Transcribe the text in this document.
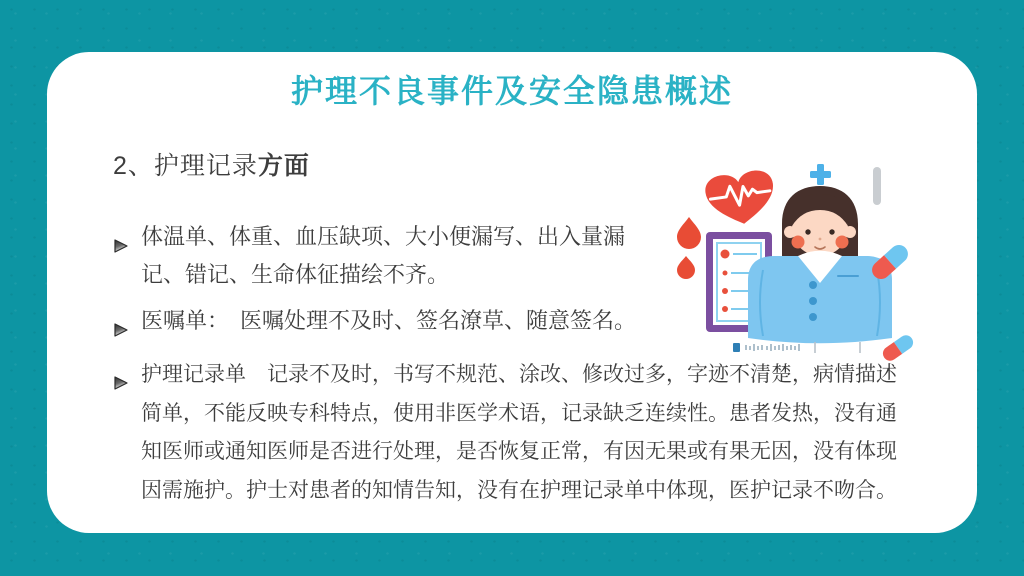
护理不良事件及安全隐患概述
2、护理记录方面
体温单、体重、血压缺项、大小便漏写、出入量漏
记、错记、生命体征描绘不齐。
医嘱单：　医嘱处理不及时、签名潦草、随意签名。
护理记录单　记录不及时，书写不规范、涂改、修改过多，字迹不清楚，病情描述
简单，不能反映专科特点，使用非医学术语，记录缺乏连续性。患者发热，没有通
知医师或通知医师是否进行处理，是否恢复正常，有因无果或有果无因，没有体现
因需施护。护士对患者的知情告知，没有在护理记录单中体现，医护记录不吻合。
